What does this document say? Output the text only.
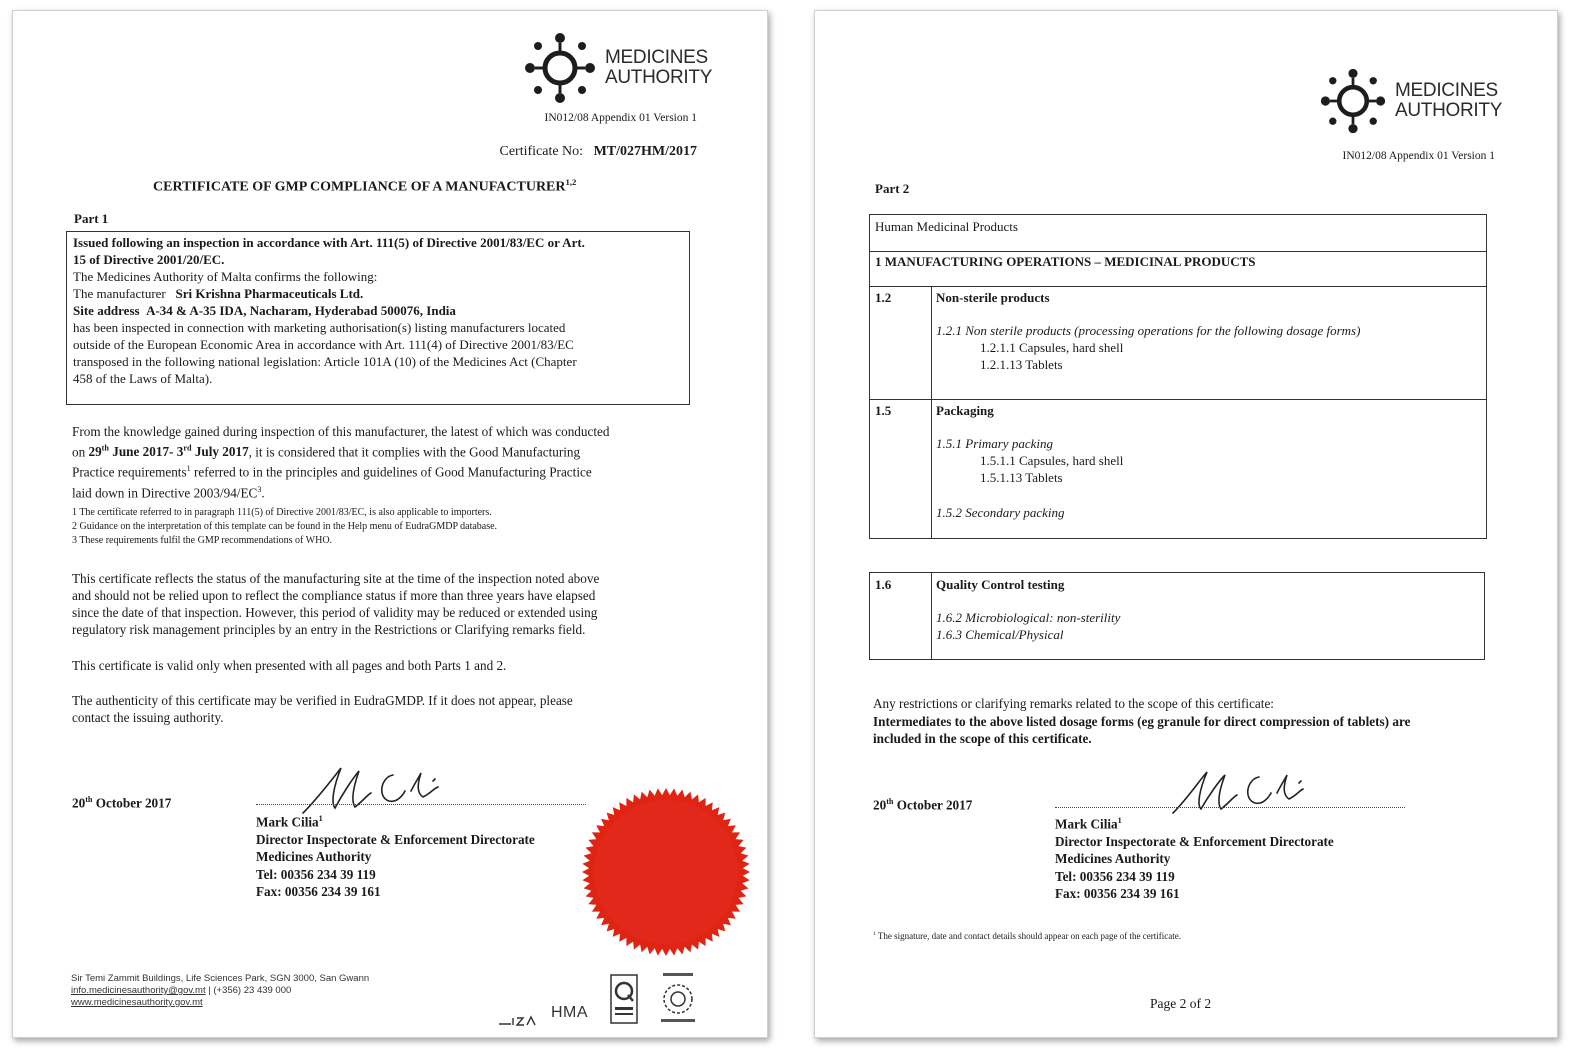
MEDICINES
AUTHORITY
IN012/08 Appendix 01 Version 1
Certificate No: MT/027HM/2017
CERTIFICATE OF GMP COMPLIANCE OF A MANUFACTURER$^{1,2}$
Part 1
Issued following an inspection in accordance with Art. 111(5) of Directive 2001/83/EC or Art.
15 of Directive 2001/20/EC.
The Medicines Authority of Malta confirms the following:
The manufacturer Sri Krishna Pharmaceuticals Ltd.
Site address A-34 & A-35 IDA, Nacharam, Hyderabad 500076, India
has been inspected in connection with marketing authorisation(s) listing manufacturers located
outside of the European Economic Area in accordance with Art. 111(4) of Directive 2001/83/EC
transposed in the following national legislation: Article 101A (10) of the Medicines Act (Chapter
458 of the Laws of Malta).
From the knowledge gained during inspection of this manufacturer, the latest of which was conducted
on 29th June 2017- 3rd July 2017, it is considered that it complies with the Good Manufacturing
Practice requirements$^1$ referred to in the principles and guidelines of Good Manufacturing Practice
laid down in Directive $2003/94/EC^3$.
1 The certificate referred to in paragraph 111(5) of Directive 2001/83/EC, is also applicable to importers.
2 Guidance on the interpretation of this template can be found in the Help menu of EudraGMDP database.
3 These requirements fulfil the GMP recommendations of WHO.
This certificate reflects the status of the manufacturing site at the time of the inspection noted above
and should not be relied upon to reflect the compliance status if more than three years have elapsed
since the date of that inspection. However, this period of validity may be reduced or extended using
regulatory risk management principles by an entry in the Restrictions or Clarifying remarks field.
This certificate is valid only when presented with all pages and both Parts 1 and 2.
The authenticity of this certificate may be verified in EudraGMDP. If it does not appear, please
contact the issuing authority.
20th October 2017
Mark Cilia$^1$
Director Inspectorate & Enforcement Directorate
Medicines Authority
Tel: 00356 234 39 119
Fax: 00356 234 39 161
Sir Temi Zammit Buildings, Life Sciences Park, SGN 3000, San Gwann
info.medicinesauthority@gov.mt | (+356) 23 439 000
www.medicinesauthority.gov.mt
HMA
MEDICINES
AUTHORITY
IN012/08 Appendix 01 Version 1
Part 2
Human Medicinal Products
1 MANUFACTURING OPERATIONS – MEDICINAL PRODUCTS
1.2	Non-sterile products
1.2.1 Non sterile products (processing operations for the following dosage forms)
1.2.1.1 Capsules, hard shell
1.2.1.13 Tablets
1.5	Packaging
1.5.1 Primary packing
1.5.1.1 Capsules, hard shell
1.5.1.13 Tablets
1.5.2 Secondary packing
1.6	Quality Control testing
1.6.2 Microbiological: non-sterility
1.6.3 Chemical/Physical
Any restrictions or clarifying remarks related to the scope of this certificate:
Intermediates to the above listed dosage forms (eg granule for direct compression of tablets) are
included in the scope of this certificate.
20th October 2017
Mark Cilia$^1$
Director Inspectorate & Enforcement Directorate
Medicines Authority
Tel: 00356 234 39 119
Fax: 00356 234 39 161
$^1$ The signature, date and contact details should appear on each page of the certificate.
Page 2 of 2
